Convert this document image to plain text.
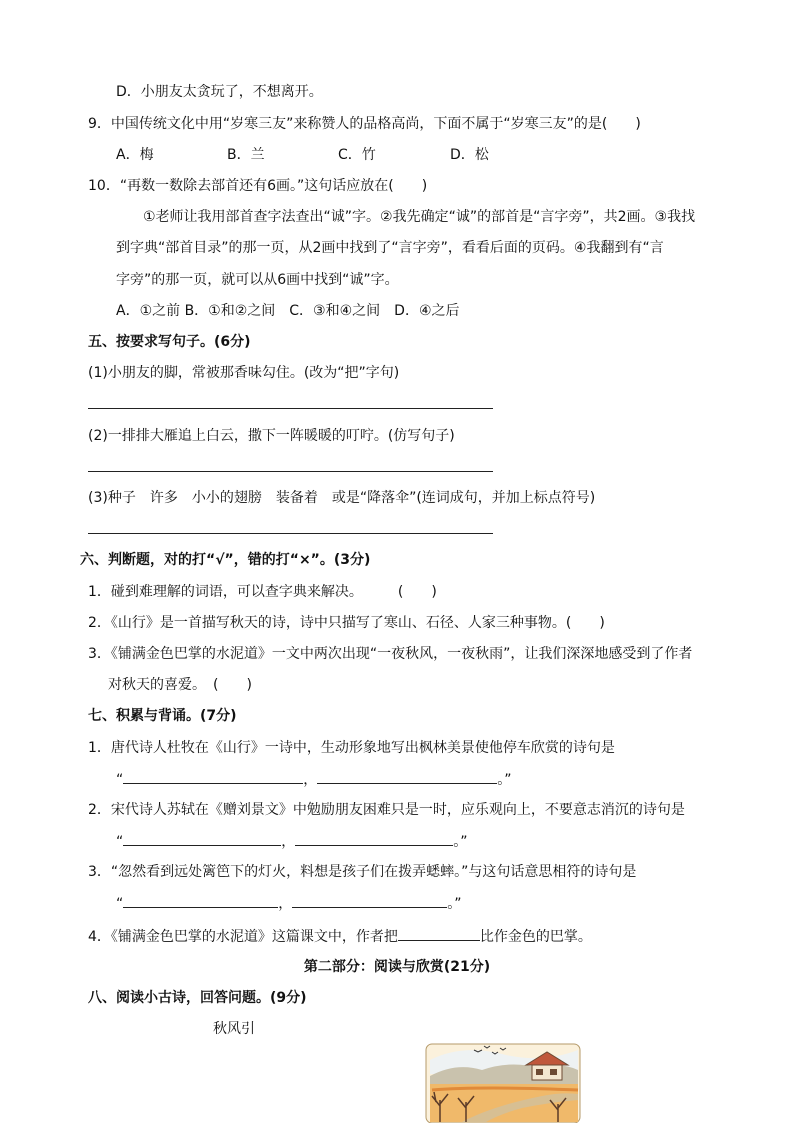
D．小朋友太贪玩了，不想离开。
9．中国传统文化中用“岁寒三友”来称赞人的品格高尚，下面不属于“岁寒三友”的是(　　)
A．梅	B．兰	C．竹	D．松
10．“再数一数除去部首还有6画。”这句话应放在(　　)
①老师让我用部首查字法查出“诚”字。②我先确定“诚”的部首是“言字旁”，共2画。③我找
到字典“部首目录”的那一页，从2画中找到了“言字旁”，看看后面的页码。④我翻到有“言
字旁”的那一页，就可以从6画中找到“诚”字。
A．①之前 B．①和②之间　C．③和④之间　D．④之后
五、按要求写句子。(6分)
(1)小朋友的脚，常被那香味勾住。(改为“把”字句)
(2)一排排大雁追上白云，撒下一阵暖暖的叮咛。(仿写句子)
(3)种子　许多　小小的翅膀　装备着　或是“降落伞”(连词成句，并加上标点符号)
六、判断题，对的打“√”，错的打“×”。(3分)
1．碰到难理解的词语，可以查字典来解决。　　　(　　)
2．《山行》是一首描写秋天的诗，诗中只描写了寒山、石径、人家三种事物。(　　)
3．《铺满金色巴掌的水泥道》一文中两次出现“一夜秋风，一夜秋雨”，让我们深深地感受到了作者
对秋天的喜爱。　(　　)
七、积累与背诵。(7分)
1．唐代诗人杜牧在《山行》一诗中，生动形象地写出枫林美景使他停车欣赏的诗句是
“	，	。”
2．宋代诗人苏轼在《赠刘景文》中勉励朋友困难只是一时，应乐观向上，不要意志消沉的诗句是
“	，	。”
3．“忽然看到远处篱笆下的灯火，料想是孩子们在拨弄蟋蟀。”与这句话意思相符的诗句是
“	，	。”
4．《铺满金色巴掌的水泥道》这篇课文中，作者把	比作金色的巴掌。
第二部分：阅读与欣赏(21分)
八、阅读小古诗，回答问题。(9分)
秋风引
